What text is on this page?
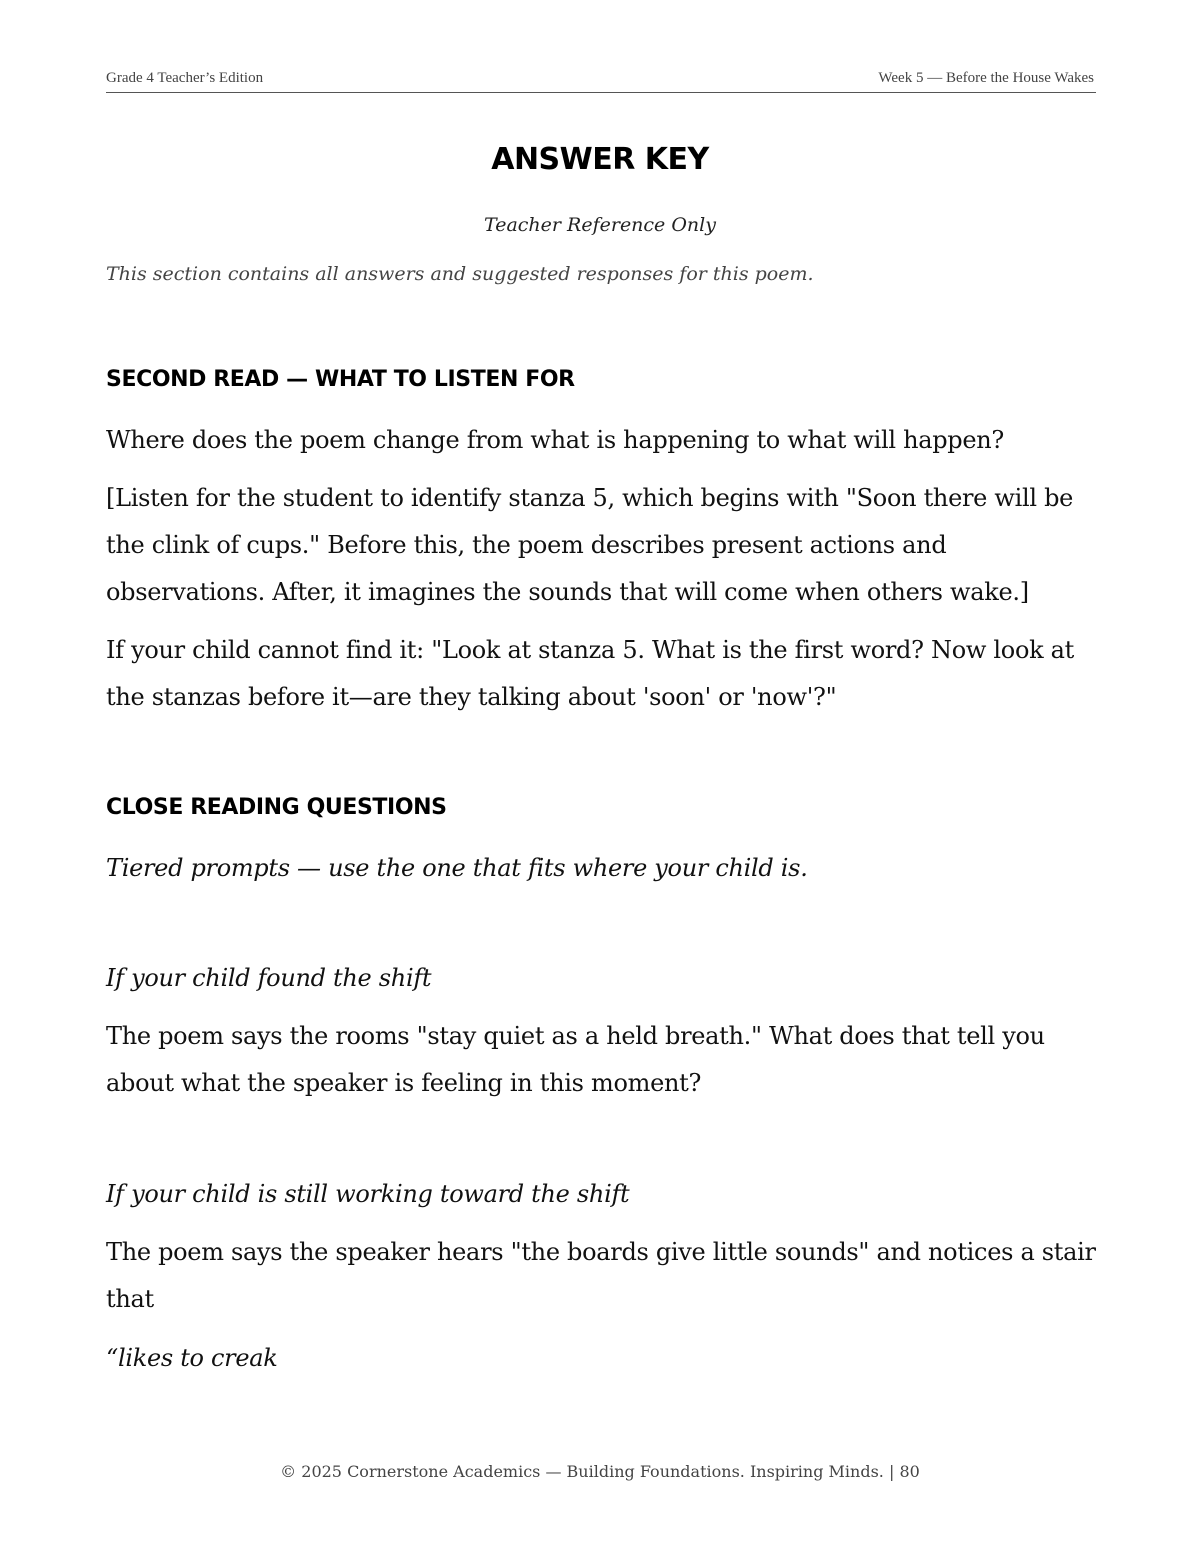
Grade 4 Teacher’s Edition	Week 5 — Before the House Wakes
ANSWER KEY
Teacher Reference Only
This section contains all answers and suggested responses for this poem.
SECOND READ — WHAT TO LISTEN FOR
Where does the poem change from what is happening to what will happen?
[Listen for the student to identify stanza 5, which begins with "Soon there will be the clink of cups." Before this, the poem describes present actions and observations. After, it imagines the sounds that will come when others wake.]
If your child cannot find it: "Look at stanza 5. What is the first word? Now look at the stanzas before it—are they talking about 'soon' or 'now'?"
CLOSE READING QUESTIONS
Tiered prompts — use the one that fits where your child is.
If your child found the shift
The poem says the rooms "stay quiet as a held breath." What does that tell you about what the speaker is feeling in this moment?
If your child is still working toward the shift
The poem says the speaker hears "the boards give little sounds" and notices a stair that
“likes to creak
© 2025 Cornerstone Academics — Building Foundations. Inspiring Minds. | 80
